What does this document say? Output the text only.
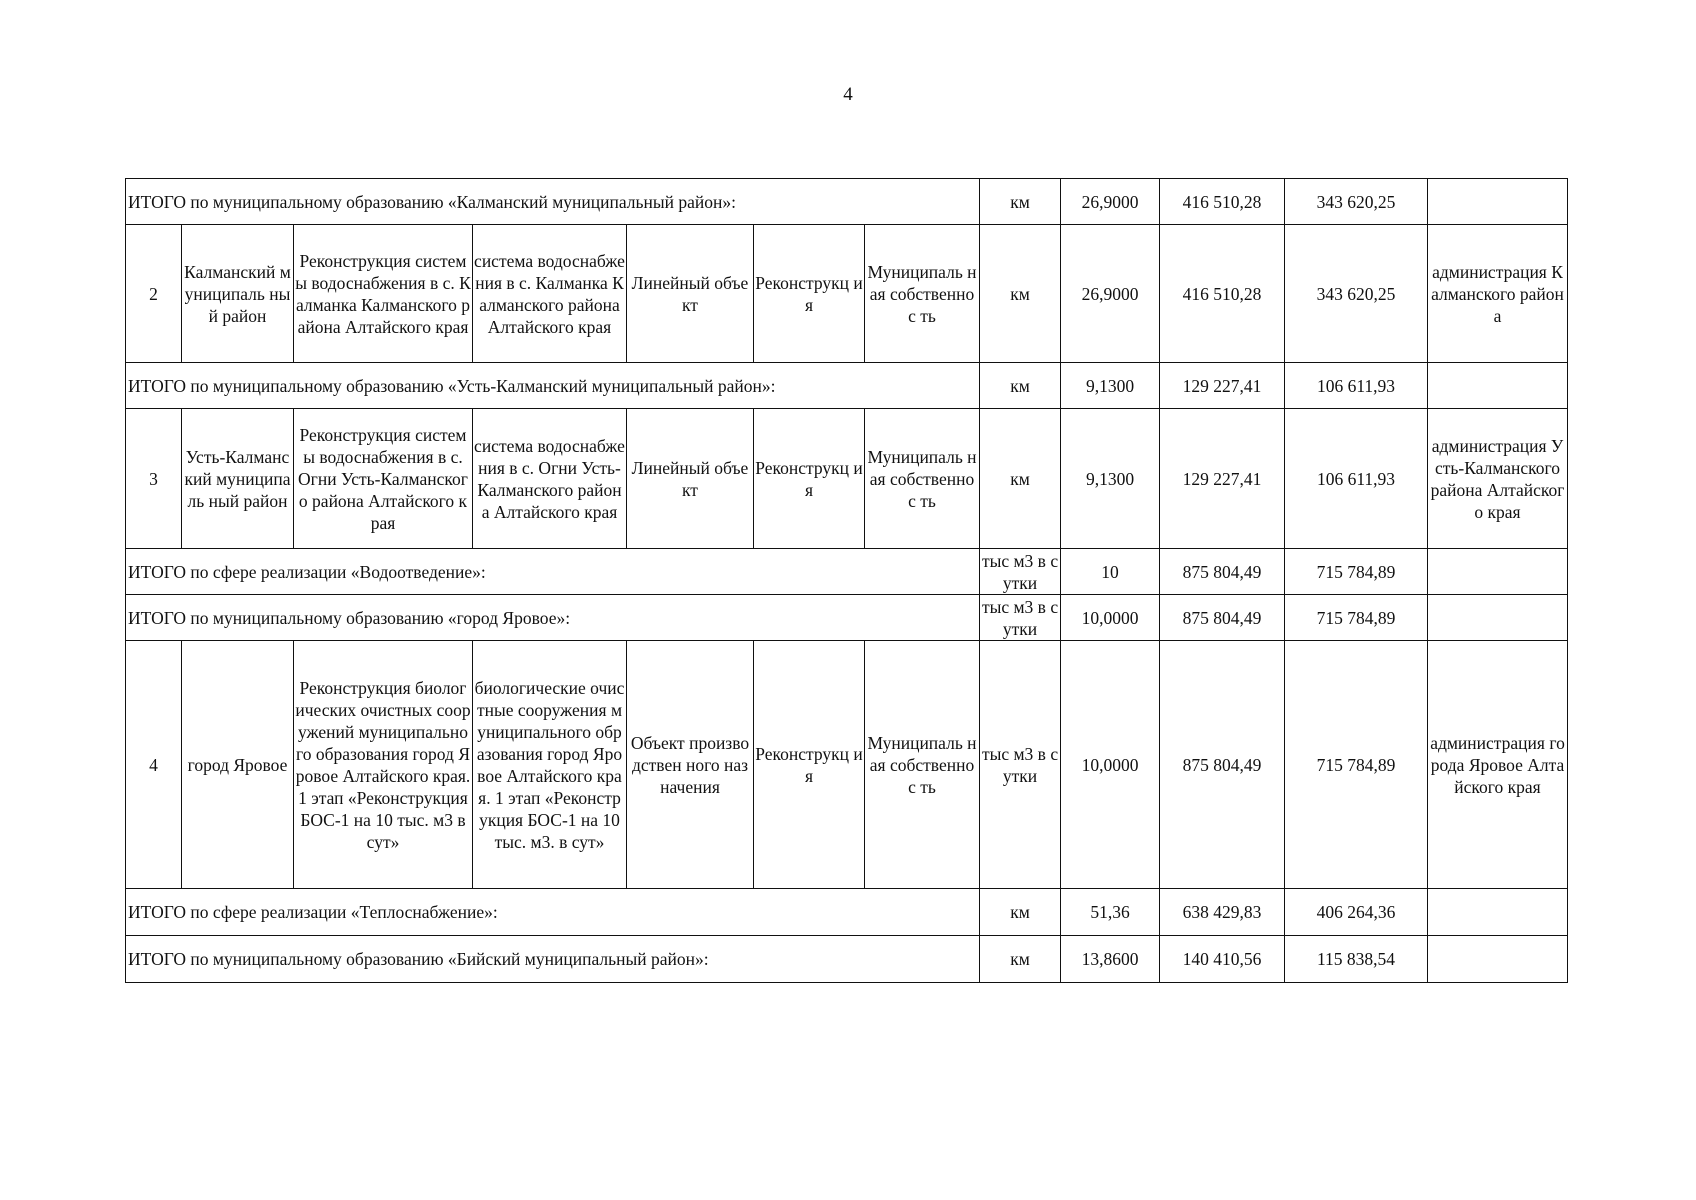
4
ИТОГО по муниципальному образованию «Калманский муниципальный район»:							км	26,9000	416 510,28	343 620,25	
2	Калманский муниципаль ный район	Реконструкция системы водоснабжения в с. Калманка Калманского района Алтайского края	система водоснабжения в с. Калманка Калманского района Алтайского края	Линейный объект	Реконструкц ия	Муниципаль ная собственнос ть	км	26,9000	416 510,28	343 620,25	администрация Калманского района
ИТОГО по муниципальному образованию «Усть-Калманский муниципальный район»:							км	9,1300	129 227,41	106 611,93	
3	Усть-Калманский муниципаль ный район	Реконструкция системы водоснабжения в с. Огни Усть-Калманского района Алтайского края	система водоснабжения в с. Огни Усть-Калманского района Алтайского края	Линейный объект	Реконструкц ия	Муниципаль ная собственнос ть	км	9,1300	129 227,41	106 611,93	администрация Усть-Калманского района Алтайского края
ИТОГО по сфере реализации «Водоотведение»:							тыс м3 в сутки	10	875 804,49	715 784,89	
ИТОГО по муниципальному образованию «город Яровое»:							тыс м3 в сутки	10,0000	875 804,49	715 784,89	
4	город Яровое	Реконструкция биологических очистных сооружений муниципального образования город Яровое Алтайского края. 1 этап «Реконструкция БОС-1 на 10 тыс. м3 в сут»	биологические очистные сооружения муниципального образования город Яровое Алтайского края. 1 этап «Реконструкция БОС-1 на 10 тыс. м3. в сут»	Объект производствен ного назначения	Реконструкц ия	Муниципаль ная собственнос ть	тыс м3 в сутки	10,0000	875 804,49	715 784,89	администрация города Яровое Алтайского края
ИТОГО по сфере реализации «Теплоснабжение»:							км	51,36	638 429,83	406 264,36	
ИТОГО по муниципальному образованию «Бийский муниципальный район»:							км	13,8600	140 410,56	115 838,54	
